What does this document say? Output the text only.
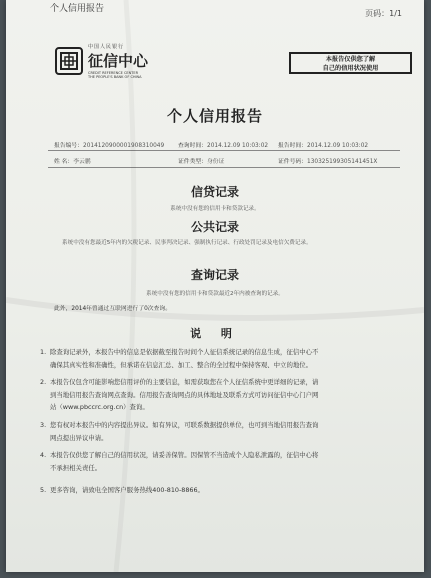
个人信用报告	页码：1/1
中国人民银行
征信中心
CREDIT REFERENCE CENTER
THE PEOPLE'S BANK OF CHINA
本报告仅供您了解
自己的信用状况使用
个人信用报告
报告编号：2014120900001908310049 查询时间：2014.12.09 10:03:02 报告时间：2014.12.09 10:03:02
姓 名：李云鹏	证件类型：身份证	证件号码：130325199305141451X
信贷记录
系统中没有您的信用卡和贷款记录。
公共记录
系统中没有您最近5年内的欠税记录、民事判决记录、强制执行记录、行政处罚记录及电信欠费记录。
查询记录
系统中没有您的信用卡和贷款最近2年内被查询的记录。
此外，2014年曾通过互联网进行了0次查询。
说 明
1. 除查询记录外，本报告中的信息是依据截至报告时间个人征信系统记录的信息生成，征信中心不
确保其真实性和准确性，但承诺在信息汇总、加工、整合的全过程中保持客观、中立的地位。
2. 本报告仅包含可能影响您信用评价的主要信息，如需获取您在个人征信系统中更详细的记录，请
到当地信用报告查询网点查询。信用报告查询网点的具体地址及联系方式可访问征信中心门户网
站（www.pbccrc.org.cn）查询。
3. 您有权对本报告中的内容提出异议。如有异议，可联系数据提供单位，也可到当地信用报告查询
网点提出异议申请。
4. 本报告仅供您了解自己的信用状况，请妥善保管。因保管不当造成个人隐私泄露的，征信中心将
不承担相关责任。
5. 更多咨询，请致电全国客户服务热线400-810-8866。
